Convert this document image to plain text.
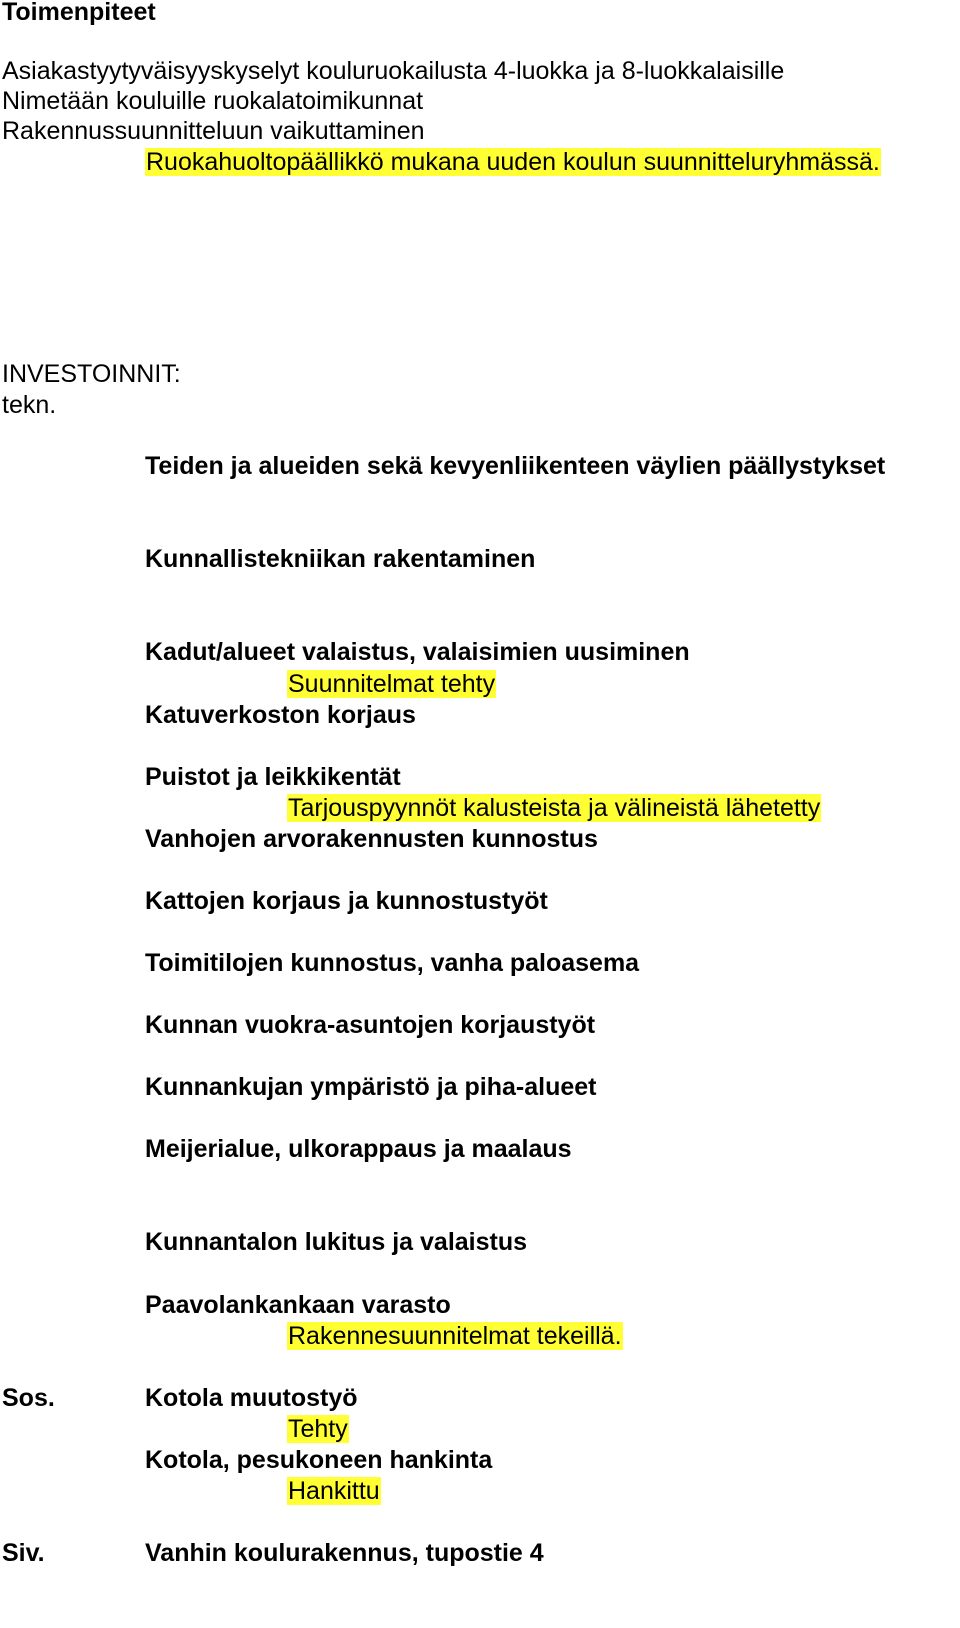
Toimenpiteet
Asiakastyytyväisyyskyselyt kouluruokailusta 4-luokka ja 8-luokkalaisille
Nimetään kouluille ruokalatoimikunnat
Rakennussuunnitteluun vaikuttaminen
Ruokahuoltopäällikkö mukana uuden koulun suunnitteluryhmässä.
INVESTOINNIT:
tekn.
Teiden ja alueiden sekä kevyenliikenteen väylien päällystykset
Kunnallistekniikan rakentaminen
Kadut/alueet valaistus, valaisimien uusiminen
Suunnitelmat tehty
Katuverkoston korjaus
Puistot ja leikkikentät
Tarjouspyynnöt kalusteista ja välineistä lähetetty
Vanhojen arvorakennusten kunnostus
Kattojen korjaus ja kunnostustyöt
Toimitilojen kunnostus, vanha paloasema
Kunnan vuokra-asuntojen korjaustyöt
Kunnankujan ympäristö ja piha-alueet
Meijerialue, ulkorappaus ja maalaus
Kunnantalon lukitus ja valaistus
Paavolankankaan varasto
Rakennesuunnitelmat tekeillä.
Sos.	Kotola muutostyö
Tehty
Kotola, pesukoneen hankinta
Hankittu
Siv.	Vanhin koulurakennus, tupostie 4
